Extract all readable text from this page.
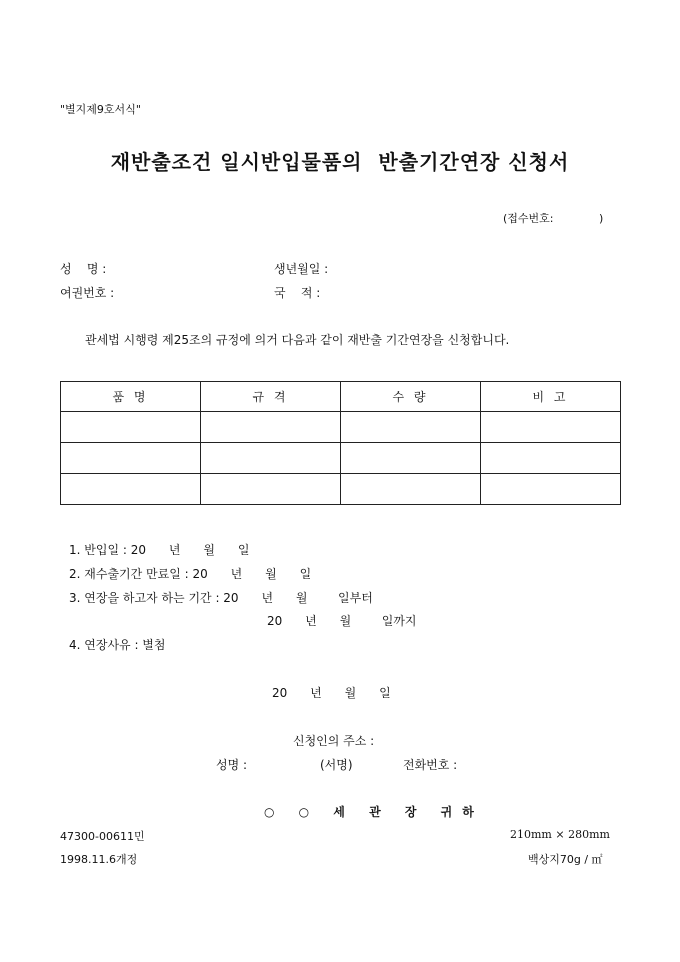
"별지제9호서식"
재반출조건 일시반입물품의  반출기간연장 신청서
(접수번호:             )
성    명 :	생년월일 :
여권번호 :	국    적 :
관세법 시행령 제25조의 규정에 의거 다음과 같이 재반출 기간연장을 신청합니다.
품 명	규 격	수 량	비 고

1. 반입일 : 20      년      월      일
2. 재수출기간 만료일 : 20      년      월      일
3. 연장을 하고자 하는 기간 : 20      년      월        일부터
20      년      월        일까지
4. 연장사유 : 별첨
20      년      월      일
신청인의 주소 :
성명 :	(서명)	전화번호 :
○ ○ 세 관 장 귀하
47300-00611민
1998.11.6개정
210mm × 280mm
백상지70g / ㎡
